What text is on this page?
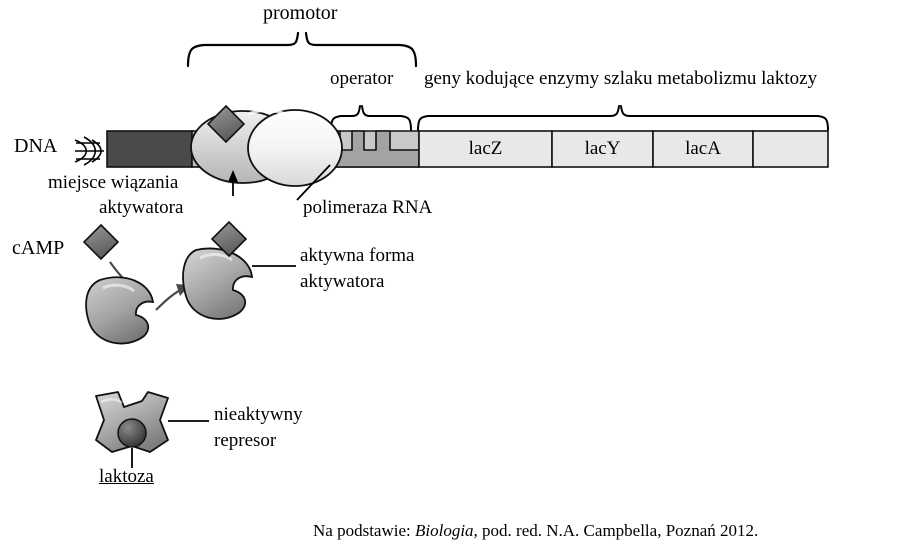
promotor
operator geny kodujące enzymy szlaku metabolizmu laktozy
DNA
miejsce wiązania
aktywatora	polimeraza RNA
cAMP	aktywna forma
aktywatora
nieaktywny
represor
laktoza
lacZ	lacY	lacA
Na podstawie: Biologia, pod. red. N.A. Campbella, Poznań 2012.
